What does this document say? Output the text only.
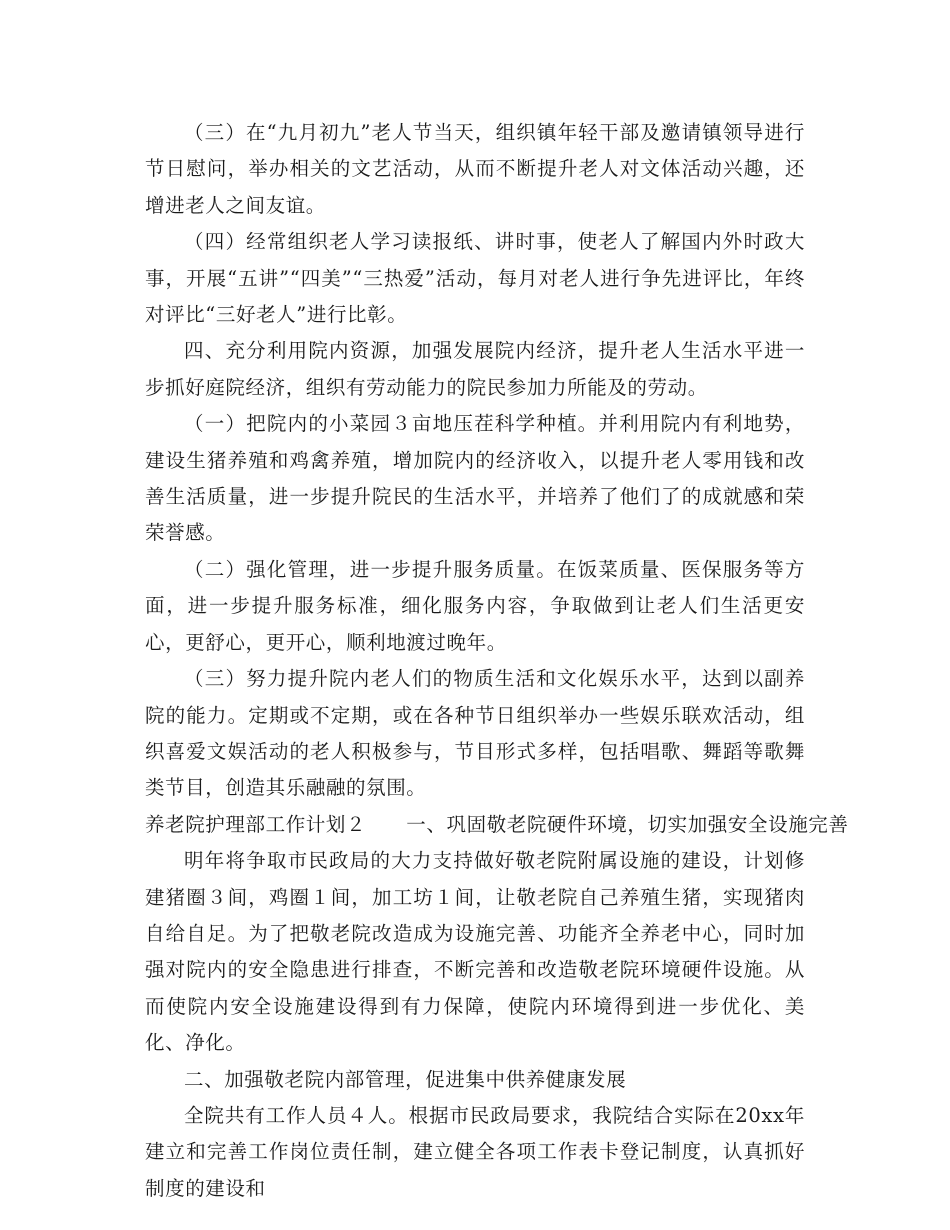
（三）在“九月初九”老人节当天，组织镇年轻干部及邀请镇领导进行节日慰问，举办相关的文艺活动，从而不断提升老人对文体活动兴趣，还增进老人之间友谊。

（四）经常组织老人学习读报纸、讲时事，使老人了解国内外时政大事，开展“五讲”“四美”“三热爱”活动，每月对老人进行争先进评比，年终对评比“三好老人”进行比彰。

四、充分利用院内资源，加强发展院内经济，提升老人生活水平进一步抓好庭院经济，组织有劳动能力的院民参加力所能及的劳动。

（一）把院内的小菜园３亩地压茬科学种植。并利用院内有利地势，建设生猪养殖和鸡禽养殖，增加院内的经济收入，以提升老人零用钱和改善生活质量，进一步提升院民的生活水平，并培养了他们了的成就感和荣荣誉感。

（二）强化管理，进一步提升服务质量。在饭菜质量、医保服务等方面，进一步提升服务标准，细化服务内容，争取做到让老人们生活更安心，更舒心，更开心，顺利地渡过晚年。

（三）努力提升院内老人们的物质生活和文化娱乐水平，达到以副养院的能力。定期或不定期，或在各种节日组织举办一些娱乐联欢活动，组织喜爱文娱活动的老人积极参与，节目形式多样，包括唱歌、舞蹈等歌舞类节目，创造其乐融融的氛围。

养老院护理部工作计划２　　一、巩固敬老院硬件环境，切实加强安全设施完善

明年将争取市民政局的大力支持做好敬老院附属设施的建设，计划修建猪圈３间，鸡圈１间，加工坊１间，让敬老院自己养殖生猪，实现猪肉自给自足。为了把敬老院改造成为设施完善、功能齐全养老中心，同时加强对院内的安全隐患进行排查，不断完善和改造敬老院环境硬件设施。从而使院内安全设施建设得到有力保障，使院内环境得到进一步优化、美化、净化。

二、加强敬老院内部管理，促进集中供养健康发展

全院共有工作人员４人。根据市民政局要求，我院结合实际在20xx年建立和完善工作岗位责任制，建立健全各项工作表卡登记制度，认真抓好制度的建设和
